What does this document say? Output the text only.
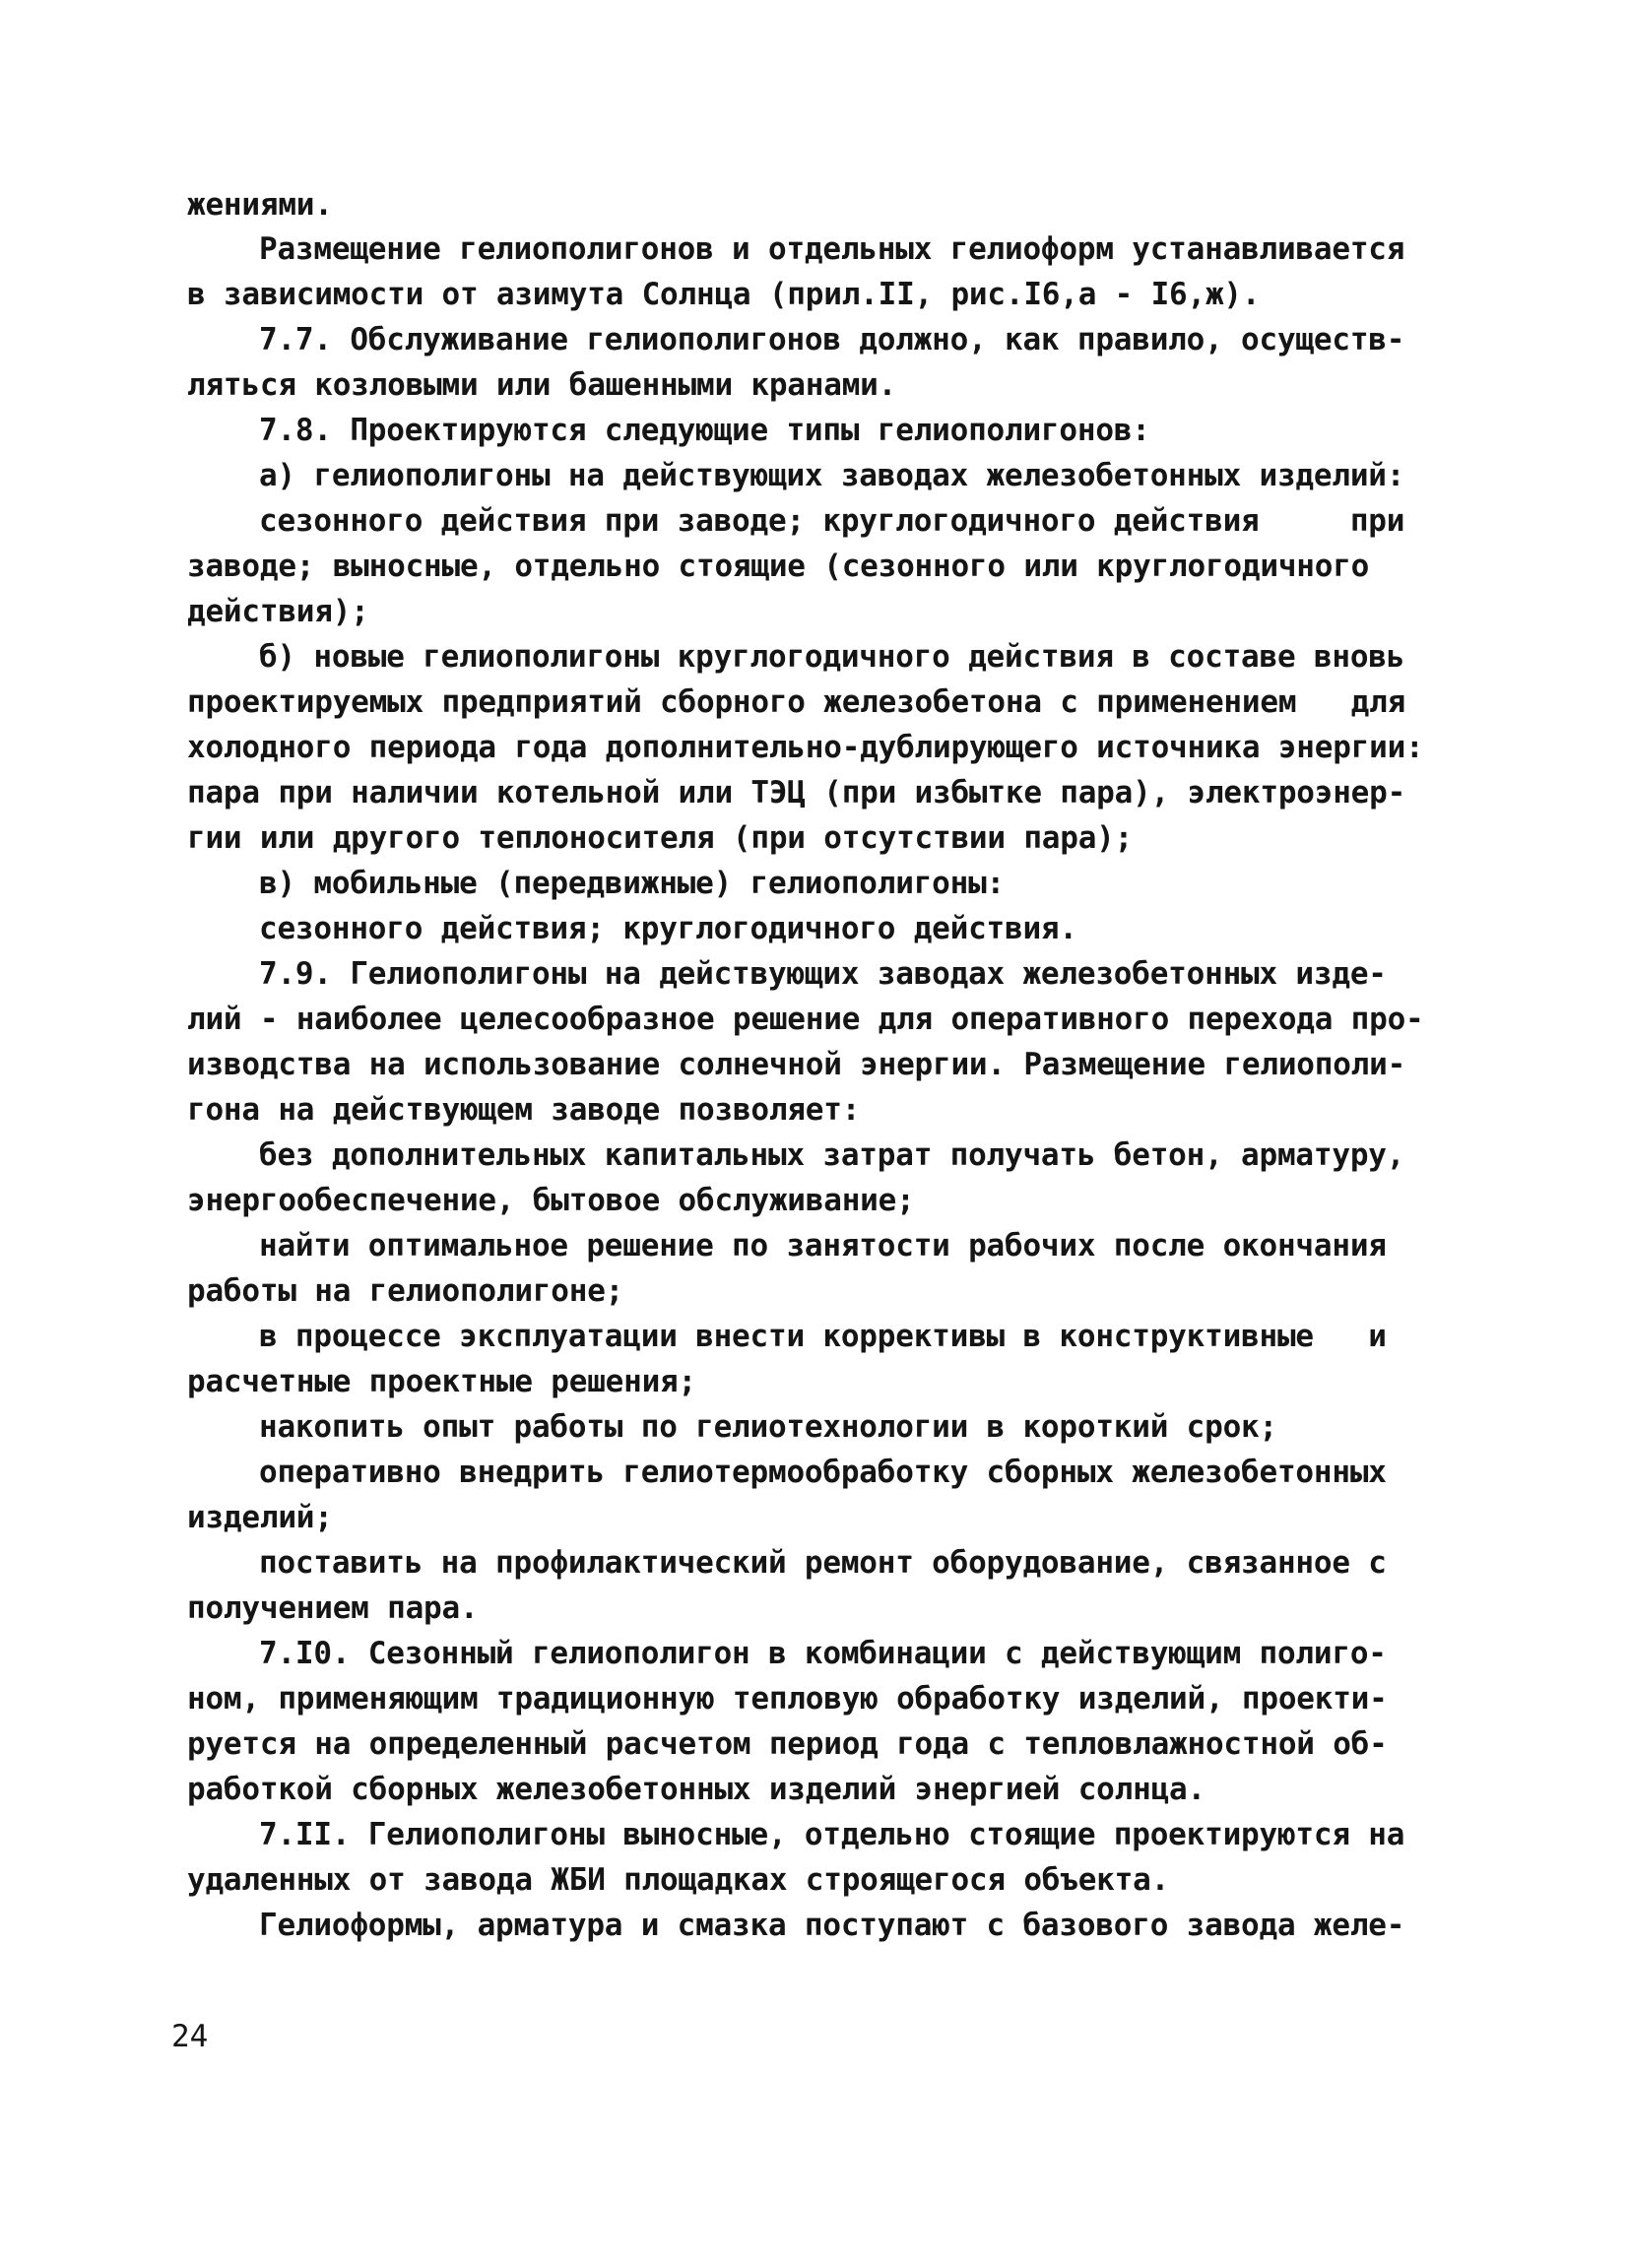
жениями.
Размещение гелиополигонов и отдельных гелиоформ устанавливается
в зависимости от азимута Солнца (прил.II, рис.I6,а - I6,ж).
7.7. Обслуживание гелиополигонов должно, как правило, осуществ-
ляться козловыми или башенными кранами.
7.8. Проектируются следующие типы гелиополигонов:
а) гелиополигоны на действующих заводах железобетонных изделий:
сезонного действия при заводе; круглогодичного действия     при
заводе; выносные, отдельно стоящие (сезонного или круглогодичного
действия);
б) новые гелиополигоны круглогодичного действия в составе вновь
проектируемых предприятий сборного железобетона с применением   для
холодного периода года дополнительно-дублирующего источника энергии:
пара при наличии котельной или ТЭЦ (при избытке пара), электроэнер-
гии или другого теплоносителя (при отсутствии пара);
в) мобильные (передвижные) гелиополигоны:
сезонного действия; круглогодичного действия.
7.9. Гелиополигоны на действующих заводах железобетонных изде-
лий - наиболее целесообразное решение для оперативного перехода про-
изводства на использование солнечной энергии. Размещение гелиополи-
гона на действующем заводе позволяет:
без дополнительных капитальных затрат получать бетон, арматуру,
энергообеспечение, бытовое обслуживание;
найти оптимальное решение по занятости рабочих после окончания
работы на гелиополигоне;
в процессе эксплуатации внести коррективы в конструктивные   и
расчетные проектные решения;
накопить опыт работы по гелиотехнологии в короткий срок;
оперативно внедрить гелиотермообработку сборных железобетонных
изделий;
поставить на профилактический ремонт оборудование, связанное с
получением пара.
7.I0. Сезонный гелиополигон в комбинации с действующим полиго-
ном, применяющим традиционную тепловую обработку изделий, проекти-
руется на определенный расчетом период года с тепловлажностной об-
работкой сборных железобетонных изделий энергией солнца.
7.II. Гелиополигоны выносные, отдельно стоящие проектируются на
удаленных от завода ЖБИ площадках строящегося объекта.
Гелиоформы, арматура и смазка поступают с базового завода желе-
24
